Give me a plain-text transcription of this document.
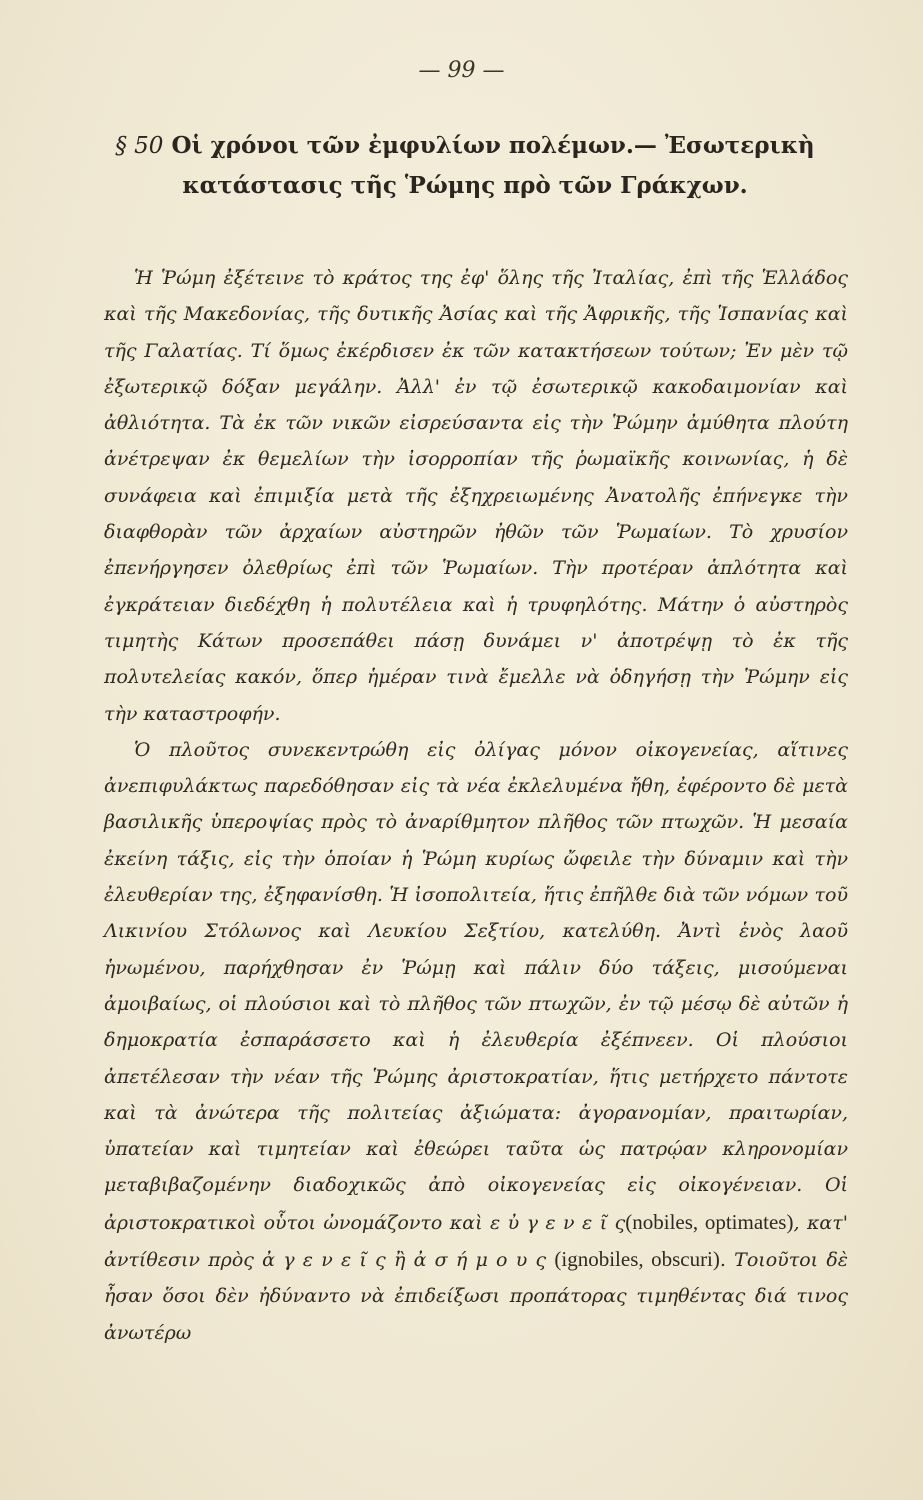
— 99 —
§ 50 Οἱ χρόνοι τῶν ἐμφυλίων πολέμων.— Ἐσωτερικὴ κατάστασις τῆς Ῥώμης πρὸ τῶν Γράκχων.

Ἡ Ῥώμη ἐξέτεινε τὸ κράτος της ἐφ' ὅλης τῆς Ἰταλίας, ἐπὶ τῆς Ἑλλάδος καὶ τῆς Μακεδονίας, τῆς δυτικῆς Ἀσίας καὶ τῆς Ἀφρικῆς, τῆς Ἱσπανίας καὶ τῆς Γαλατίας. Τί ὅμως ἐκέρδισεν ἐκ τῶν κατακτήσεων τούτων; Ἐν μὲν τῷ ἐξωτερικῷ δόξαν μεγάλην. Ἀλλ' ἐν τῷ ἐσωτερικῷ κακοδαιμονίαν καὶ ἀθλιότητα. Τὰ ἐκ τῶν νικῶν εἰσρεύσαντα εἰς τὴν Ῥώμην ἀμύθητα πλούτη ἀνέτρεψαν ἐκ θεμελίων τὴν ἰσορροπίαν τῆς ῥωμαϊκῆς κοινωνίας, ἡ δὲ συνάφεια καὶ ἐπιμιξία μετὰ τῆς ἐξηχρειωμένης Ἀνατολῆς ἐπήνεγκε τὴν διαφθορὰν τῶν ἀρχαίων αὐστηρῶν ἠθῶν τῶν Ῥωμαίων. Τὸ χρυσίον ἐπενήργησεν ὀλεθρίως ἐπὶ τῶν Ῥωμαίων. Τὴν προτέραν ἁπλότητα καὶ ἐγκράτειαν διεδέχθη ἡ πολυτέλεια καὶ ἡ τρυφηλότης. Μάτην ὁ αὐστηρὸς τιμητὴς Κάτων προσεπάθει πάσῃ δυνάμει ν' ἀποτρέψῃ τὸ ἐκ τῆς πολυτελείας κακόν, ὅπερ ἡμέραν τινὰ ἔμελλε νὰ ὁδηγήσῃ τὴν Ῥώμην εἰς τὴν καταστροφήν.

Ὁ πλοῦτος συνεκεντρώθη εἰς ὀλίγας μόνον οἰκογενείας, αἵτινες ἀνεπιφυλάκτως παρεδόθησαν εἰς τὰ νέα ἐκλελυμένα ἤθη, ἐφέροντο δὲ μετὰ βασιλικῆς ὑπεροψίας πρὸς τὸ ἀναρίθμητον πλῆθος τῶν πτωχῶν. Ἡ μεσαία ἐκείνη τάξις, εἰς τὴν ὁποίαν ἡ Ῥώμη κυρίως ὤφειλε τὴν δύναμιν καὶ τὴν ἐλευθερίαν της, ἐξηφανίσθη. Ἡ ἰσοπολιτεία, ἥτις ἐπῆλθε διὰ τῶν νόμων τοῦ Λικινίου Στόλωνος καὶ Λευκίου Σεξτίου, κατελύθη. Ἀντὶ ἑνὸς λαοῦ ἡνωμένου, παρήχθησαν ἐν Ῥώμῃ καὶ πάλιν δύο τάξεις, μισούμεναι ἀμοιβαίως, οἱ πλούσιοι καὶ τὸ πλῆθος τῶν πτωχῶν, ἐν τῷ μέσῳ δὲ αὐτῶν ἡ δημοκρατία ἐσπαράσσετο καὶ ἡ ἐλευθερία ἐξέπνεεν. Οἱ πλούσιοι ἀπετέλεσαν τὴν νέαν τῆς Ῥώμης ἀριστοκρατίαν, ἥτις μετήρχετο πάντοτε καὶ τὰ ἀνώτερα τῆς πολιτείας ἀξιώματα: ἀγορανομίαν, πραιτωρίαν, ὑπατείαν καὶ τιμητείαν καὶ ἐθεώρει ταῦτα ὡς πατρῴαν κληρονομίαν μεταβιβαζομένην διαδοχικῶς ἀπὸ οἰκογενείας εἰς οἰκογένειαν. Οἱ ἀριστοκρατικοὶ οὗτοι ὠνομάζοντο καὶ ε ὐ γ ε ν ε ῖ ς(nobiles, optimates), κατ' ἀντίθεσιν πρὸς ἀ γ ε ν ε ῖ ς ἢ ἀ σ ή μ ο υ ς (ignobiles, obscuri). Τοιοῦτοι δὲ ἦσαν ὅσοι δὲν ἠδύναντο νὰ ἐπιδείξωσι προπάτορας τιμηθέντας διά τινος ἀνωτέρω
